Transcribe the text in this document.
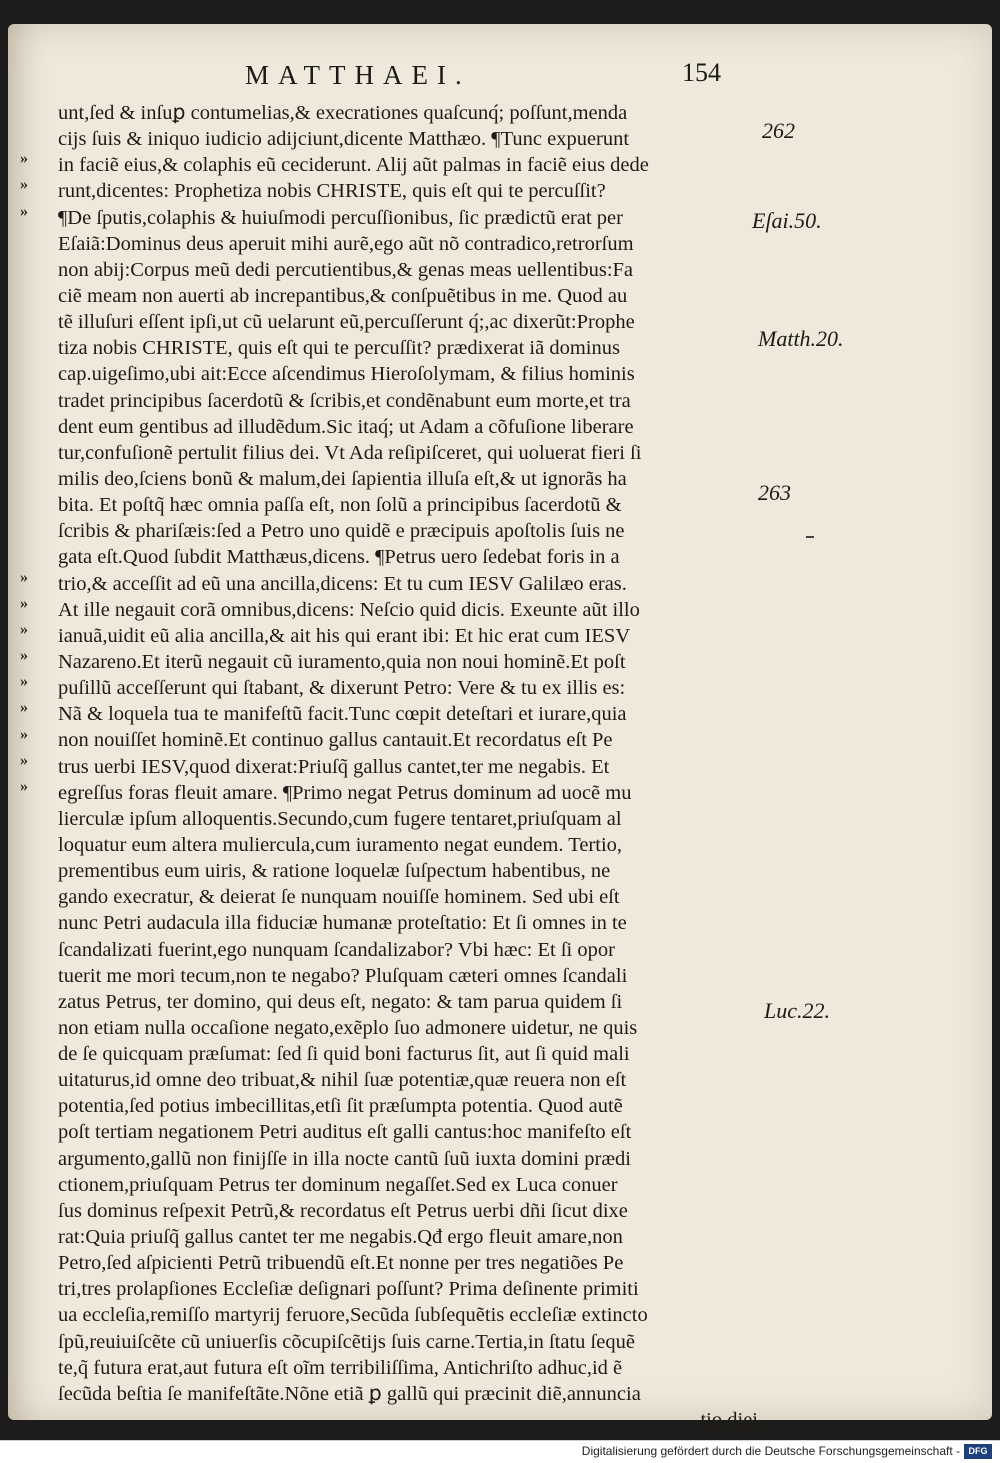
MATTHAEI.	154
unt,ſed & inſuꝑ contumelias,& execrationes quaſcunq́; poſſunt,menda
cijs ſuis & iniquo iudicio adijciunt,dicente Matthæo. ¶Tunc expuerunt
in faciẽ eius,& colaphis eũ ceciderunt. Alij aũt palmas in faciẽ eius dede
runt,dicentes: Prophetiza nobis CHRISTE, quis eſt qui te percuſſit?
¶De ſputis,colaphis & huiuſmodi percuſſionibus, ſic prædictũ erat per
Eſaiã:Dominus deus aperuit mihi aurẽ,ego aũt nõ contradico,retrorſum
non abij:Corpus meũ dedi percutientibus,& genas meas uellentibus:Fa
ciẽ meam non auerti ab increpantibus,& conſpuẽtibus in me. Quod au
tẽ illuſuri eſſent ipſi,ut cũ uelarunt eũ,percuſſerunt q́;,ac dixerũt:Prophe
tiza nobis CHRISTE, quis eſt qui te percuſſit? prædixerat iã dominus
cap.uigeſimo,ubi ait:Ecce aſcendimus Hieroſolymam, & filius hominis
tradet principibus ſacerdotũ & ſcribis,et condẽnabunt eum morte,et tra
dent eum gentibus ad illudẽdum.Sic itaq́; ut Adam a cõfuſione liberare
tur,confuſionẽ pertulit filius dei. Vt Ada reſipiſceret, qui uoluerat fieri ſi
milis deo,ſciens bonũ & malum,dei ſapientia illuſa eſt,& ut ignorãs ha
bita. Et poſtq̃ hæc omnia paſſa eſt, non ſolũ a principibus ſacerdotũ &
ſcribis & phariſæis:ſed a Petro uno quidẽ e præcipuis apoſtolis ſuis ne
gata eſt.Quod ſubdit Matthæus,dicens. ¶Petrus uero ſedebat foris in a
trio,& acceſſit ad eũ una ancilla,dicens: Et tu cum IESV Galilæo eras.
At ille negauit corã omnibus,dicens: Neſcio quid dicis. Exeunte aũt illo
ianuã,uidit eũ alia ancilla,& ait his qui erant ibi: Et hic erat cum IESV
Nazareno.Et iterũ negauit cũ iuramento,quia non noui hominẽ.Et poſt
puſillũ acceſſerunt qui ſtabant, & dixerunt Petro: Vere & tu ex illis es:
Nã & loquela tua te manifeſtũ facit.Tunc cœpit deteſtari et iurare,quia
non nouiſſet hominẽ.Et continuo gallus cantauit.Et recordatus eſt Pe
trus uerbi IESV,quod dixerat:Priuſq̃ gallus cantet,ter me negabis. Et
egreſſus foras fleuit amare. ¶Primo negat Petrus dominum ad uocẽ mu
lierculæ ipſum alloquentis.Secundo,cum fugere tentaret,priuſquam al
loquatur eum altera muliercula,cum iuramento negat eundem. Tertio,
prementibus eum uiris, & ratione loquelæ ſuſpectum habentibus, ne
gando execratur, & deierat ſe nunquam nouiſſe hominem. Sed ubi eſt
nunc Petri audacula illa fiduciæ humanæ proteſtatio: Et ſi omnes in te
ſcandalizati fuerint,ego nunquam ſcandalizabor? Vbi hæc: Et ſi opor
tuerit me mori tecum,non te negabo? Pluſquam cæteri omnes ſcandali
zatus Petrus, ter domino, qui deus eſt, negato: & tam parua quidem ſi
non etiam nulla occaſione negato,exẽplo ſuo admonere uidetur, ne quis
de ſe quicquam præſumat: ſed ſi quid boni facturus ſit, aut ſi quid mali
uitaturus,id omne deo tribuat,& nihil ſuæ potentiæ,quæ reuera non eſt
potentia,ſed potius imbecillitas,etſi ſit præſumpta potentia. Quod autẽ
poſt tertiam negationem Petri auditus eſt galli cantus:hoc manifeſto eſt
argumento,gallũ non finijſſe in illa nocte cantũ ſuũ iuxta domini prædi
ctionem,priuſquam Petrus ter dominum negaſſet.Sed ex Luca conuer
ſus dominus reſpexit Petrũ,& recordatus eſt Petrus uerbi dñi ſicut dixe
rat:Quia priuſq̃ gallus cantet ter me negabis.Qđ ergo fleuit amare,non
Petro,ſed aſpicienti Petrũ tribuendũ eſt.Et nonne per tres negatiões Pe
tri,tres prolapſiones Eccleſiæ deſignari poſſunt? Prima deſinente primiti
ua eccleſia,remiſſo martyrij feruore,Secũda ſubſequẽtis eccleſiæ extincto
ſpũ,reuiuiſcẽte cũ uniuerſis cõcupiſcẽtijs ſuis carne.Tertia,in ſtatu ſequẽ
te,q̃ futura erat,aut futura eſt oĩm terribiliſſima, Antichriſto adhuc,id ẽ
ſecũda beſtia ſe manifeſtãte.Nõne etiã ꝑ gallũ qui præcinit diẽ,annuncia
tio diei
»
»
»
»
»
»
»
»
»
»
»
»
262
Eſai.50.
Matth.20.
263
Luc.22.
Digitalisierung gefördert durch die Deutsche Forschungsgemeinschaft - DFG
